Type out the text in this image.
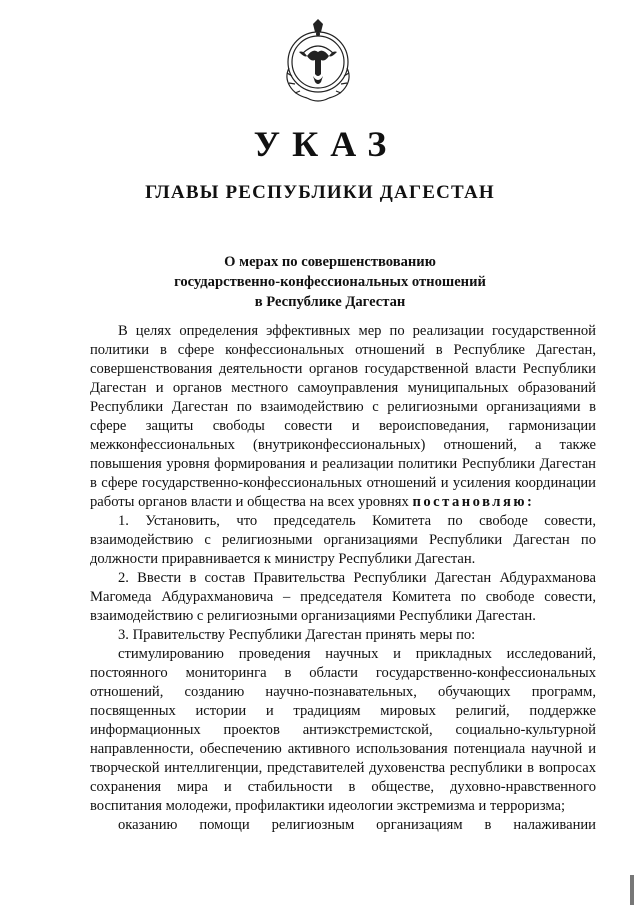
УКАЗ
ГЛАВЫ РЕСПУБЛИКИ ДАГЕСТАН
О мерах по совершенствованию
государственно-конфессиональных отношений
в Республике Дагестан

В целях определения эффективных мер по реализации государственной политики в сфере конфессиональных отношений в Республике Дагестан, совершенствования деятельности органов государственной власти Республики Дагестан и органов местного самоуправления муниципальных образований Республики Дагестан по взаимодействию с религиозными организациями в сфере защиты свободы совести и вероисповедания, гармонизации межконфессиональных (внутриконфессиональных) отношений, а также повышения уровня формирования и реализации политики Республики Дагестан в сфере государственно-конфессиональных отношений и усиления координации работы органов власти и общества на всех уровнях постановляю:

1. Установить, что председатель Комитета по свободе совести, взаимодействию с религиозными организациями Республики Дагестан по должности приравнивается к министру Республики Дагестан.

2. Ввести в состав Правительства Республики Дагестан Абдурахманова Магомеда Абдурахмановича – председателя Комитета по свободе совести, взаимодействию с религиозными организациями Республики Дагестан.

3. Правительству Республики Дагестан принять меры по:

стимулированию проведения научных и прикладных исследований, постоянного мониторинга в области государственно-конфессиональных отношений, созданию научно-познавательных, обучающих программ, посвященных истории и традициям мировых религий, поддержке информационных проектов антиэкстремистской, социально-культурной направленности, обеспечению активного использования потенциала научной и творческой интеллигенции, представителей духовенства республики в вопросах сохранения мира и стабильности в обществе, духовно-нравственного воспитания молодежи, профилактики идеологии экстремизма и терроризма;

оказанию помощи религиозным организациям в налаживании
